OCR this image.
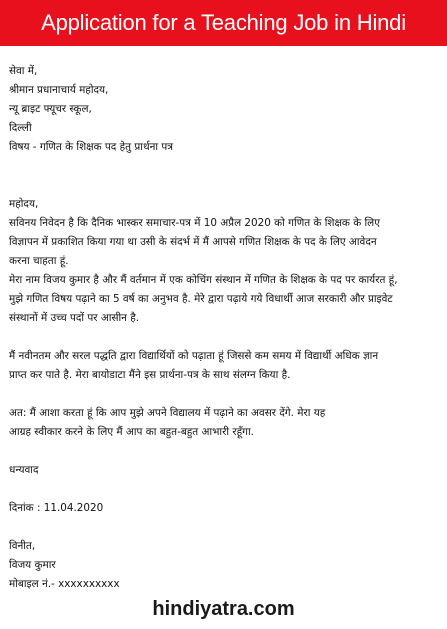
Application for a Teaching Job in Hindi
सेवा में,
श्रीमान प्रधानाचार्य महोदय,
न्यू ब्राइट फ्यूचर स्कूल,
दिल्ली
विषय - गणित के शिक्षक पद हेतु प्रार्थना पत्र
महोदय,
सविनय निवेदन है कि दैनिक भास्कर समाचार-पत्र में 10 अप्रैल 2020 को गणित के शिक्षक के लिए
विज्ञापन में प्रकाशित किया गया था उसी के संदर्भ में मैं आपसे गणित शिक्षक के पद के लिए आवेदन
करना चाहता हूं.
मेरा नाम विजय कुमार है और मैं वर्तमान में एक कोचिंग संस्थान में गणित के शिक्षक के पद पर कार्यरत हूं,
मुझे गणित विषय पढ़ाने का 5 वर्ष का अनुभव है. मेरे द्वारा पढ़ाये गये विधार्थी आज सरकारी और प्राइवेट
संस्थानों में उच्च पदों पर आसीन है.
मैं नवीनतम और सरल पद्धति द्वारा विद्यार्थियों को पढ़ाता हूं जिससे कम समय में विद्यार्थी अधिक ज्ञान
प्राप्त कर पाते है. मेरा बायोडाटा मैंने इस प्रार्थना-पत्र के साथ संलग्न किया है.
अत: मैं आशा करता हूं कि आप मुझे अपने विद्यालय में पढ़ाने का अवसर देंगे. मेरा यह
आग्रह स्वीकार करने के लिए मैं आप का बहुत-बहुत आभारी रहूँगा.
धन्यवाद
दिनांक : 11.04.2020
विनीत,
विजय कुमार
मोबाइल नं.- xxxxxxxxxx
hindiyatra.com
